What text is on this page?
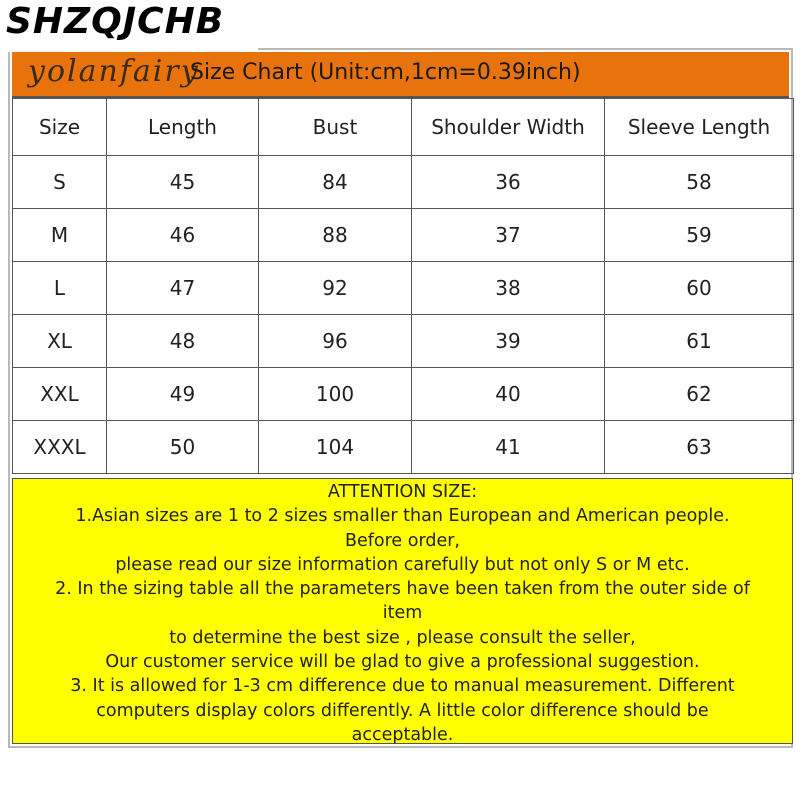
SHZQJCHB
yolanfairy
Size Chart (Unit:cm,1cm=0.39inch)
Size	Length	Bust	Shoulder Width	Sleeve Length
S	45	84	36	58
M	46	88	37	59
L	47	92	38	60
XL	48	96	39	61
XXL	49	100	40	62
XXXL	50	104	41	63
ATTENTION SIZE:
1.Asian sizes are 1 to 2 sizes smaller than European and American people.
Before order,
please read our size information carefully but not only S or M etc.
2. In the sizing table all the parameters have been taken from the outer side of
item
to determine the best size , please consult the seller,
Our customer service will be glad to give a professional suggestion.
3. It is allowed for 1-3 cm difference due to manual measurement. Different
computers display colors differently. A little color difference should be
acceptable.
